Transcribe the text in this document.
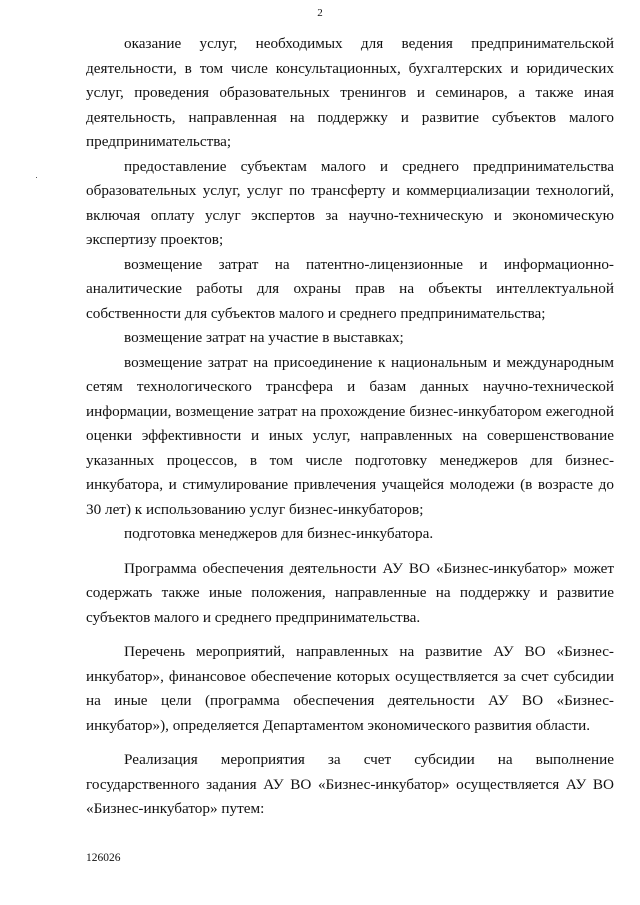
2

оказание услуг, необходимых для ведения предпринимательской деятельности, в том числе консультационных, бухгалтерских и юридических услуг, проведения образовательных тренингов и семинаров, а также иная деятельность, направленная на поддержку и развитие субъектов малого предпринимательства;

предоставление субъектам малого и среднего предпринимательства образовательных услуг, услуг по трансферту и коммерциализации технологий, включая оплату услуг экспертов за научно-техническую и экономическую экспертизу проектов;

возмещение затрат на патентно-лицензионные и информационно-аналитические работы для охраны прав на объекты интеллектуальной собственности для субъектов малого и среднего предпринимательства;

возмещение затрат на участие в выставках;

возмещение затрат на присоединение к национальным и международным сетям технологического трансфера и базам данных научно-технической информации, возмещение затрат на прохождение бизнес-инкубатором ежегодной оценки эффективности и иных услуг, направленных на совершенствование указанных процессов, в том числе подготовку менеджеров для бизнес-инкубатора, и стимулирование привлечения учащейся молодежи (в возрасте до 30 лет) к использованию услуг бизнес-инкубаторов;

подготовка менеджеров для бизнес-инкубатора.

Программа обеспечения деятельности АУ ВО «Бизнес-инкубатор» может содержать также иные положения, направленные на поддержку и развитие субъектов малого и среднего предпринимательства.

Перечень мероприятий, направленных на развитие АУ ВО «Бизнес-инкубатор», финансовое обеспечение которых осуществляется за счет субсидии на иные цели (программа обеспечения деятельности АУ ВО «Бизнес-инкубатор»), определяется Департаментом экономического развития области.

Реализация мероприятия за счет субсидии на выполнение государственного задания АУ ВО «Бизнес-инкубатор» осуществляется АУ ВО «Бизнес-инкубатор» путем:

126026
